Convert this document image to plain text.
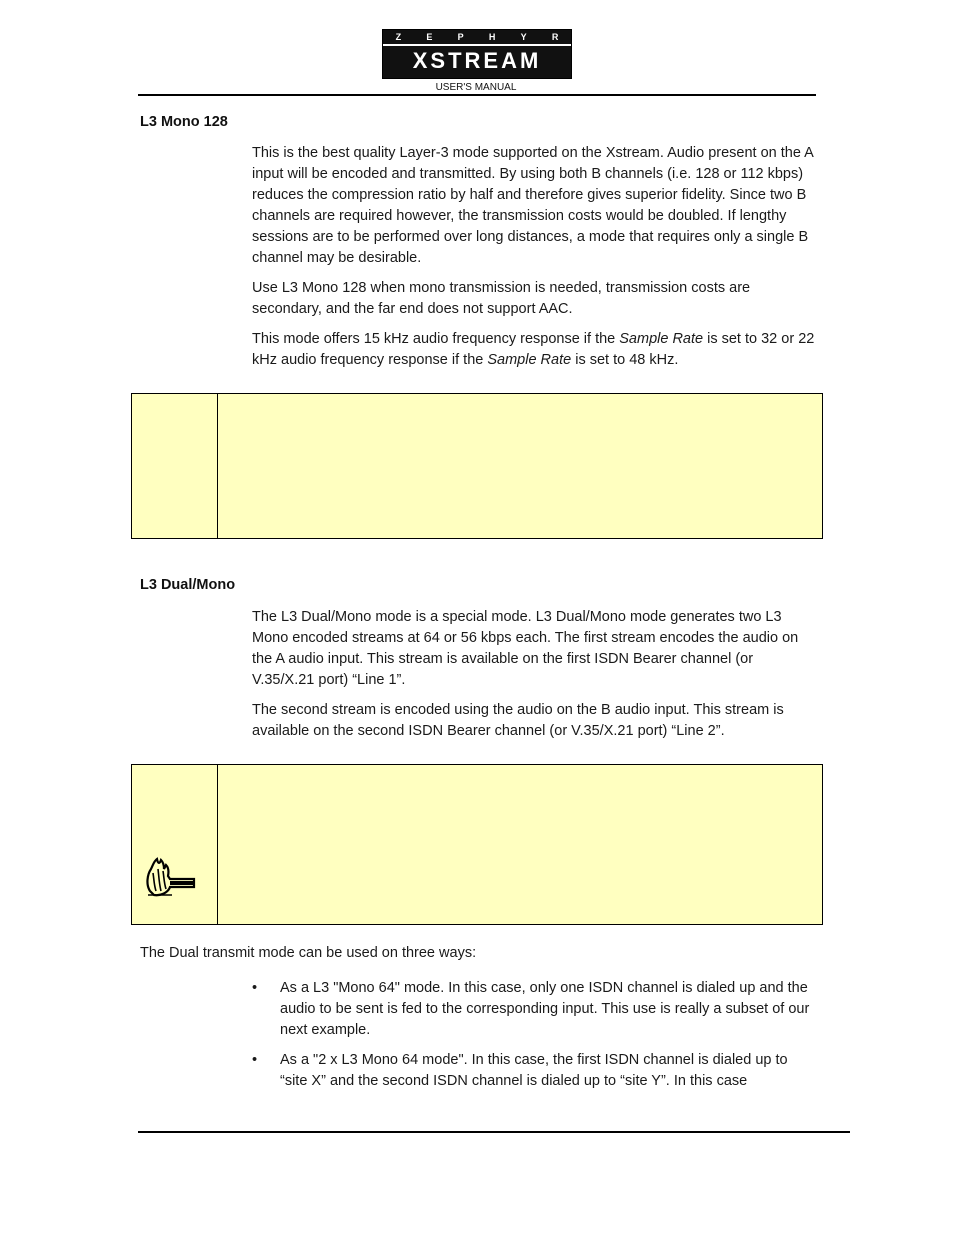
Z	E	P	H	Y	R
XSTREAM
USER'S MANUAL
L3 Mono 128

This is the best quality Layer-3 mode supported on the Xstream. Audio present on the A input will be encoded and transmitted. By using both B channels (i.e. 128 or 112 kbps) reduces the compression ratio by half and therefore gives superior fidelity. Since two B channels are required however, the transmission costs would be doubled. If lengthy sessions are to be performed over long distances, a mode that requires only a single B channel may be desirable.

Use L3 Mono 128 when mono transmission is needed, transmission costs are secondary, and the far end does not support AAC.

This mode offers 15 kHz audio frequency response if the Sample Rate is set to 32 or 22 kHz audio frequency response if the Sample Rate is set to 48 kHz.

L3 Dual/Mono

The L3 Dual/Mono mode is a special mode. L3 Dual/Mono mode generates two L3 Mono encoded streams at 64 or 56 kbps each. The first stream encodes the audio on the A audio input. This stream is available on the first ISDN Bearer channel (or V.35/X.21 port) “Line 1”.

The second stream is encoded using the audio on the B audio input. This stream is available on the second ISDN Bearer channel (or V.35/X.21 port) “Line 2”.

The Dual transmit mode can be used on three ways:

• As a L3 "Mono 64" mode. In this case, only one ISDN channel is dialed up and the audio to be sent is fed to the corresponding input. This use is really a subset of our next example.
• As a "2 x L3 Mono 64 mode". In this case, the first ISDN channel is dialed up to “site X” and the second ISDN channel is dialed up to “site Y”. In this case
